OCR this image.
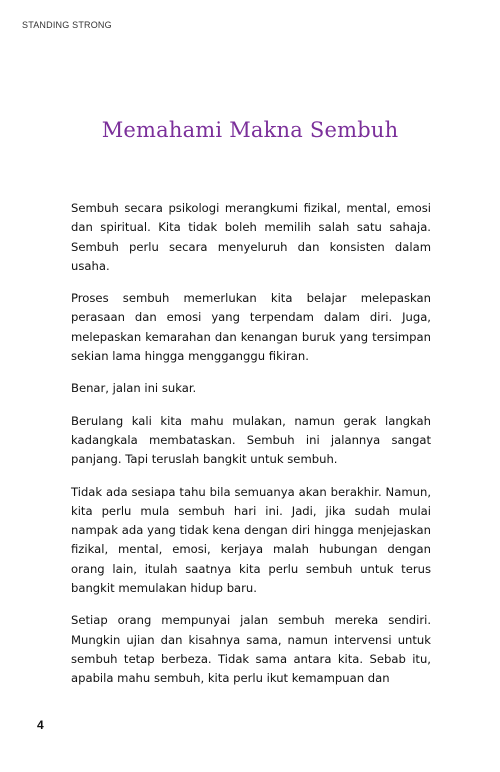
STANDING STRONG
Memahami Makna Sembuh

Sembuh secara psikologi merangkumi fizikal, mental, emosi dan spiritual. Kita tidak boleh memilih salah satu sahaja. Sembuh perlu secara menyeluruh dan konsisten dalam usaha.

Proses sembuh memerlukan kita belajar melepaskan perasaan dan emosi yang terpendam dalam diri. Juga, melepaskan kemarahan dan kenangan buruk yang tersimpan sekian lama hingga mengganggu fikiran.

Benar, jalan ini sukar.

Berulang kali kita mahu mulakan, namun gerak langkah kadangkala membataskan. Sembuh ini jalannya sangat panjang. Tapi teruslah bangkit untuk sembuh.

Tidak ada sesiapa tahu bila semuanya akan berakhir. Namun, kita perlu mula sembuh hari ini. Jadi, jika sudah mulai nampak ada yang tidak kena dengan diri hingga menjejaskan fizikal, mental, emosi, kerjaya malah hubungan dengan orang lain, itulah saatnya kita perlu sembuh untuk terus bangkit memulakan hidup baru.

Setiap orang mempunyai jalan sembuh mereka sendiri. Mungkin ujian dan kisahnya sama, namun intervensi untuk sembuh tetap berbeza. Tidak sama antara kita. Sebab itu, apabila mahu sembuh, kita perlu ikut kemampuan dan

4
